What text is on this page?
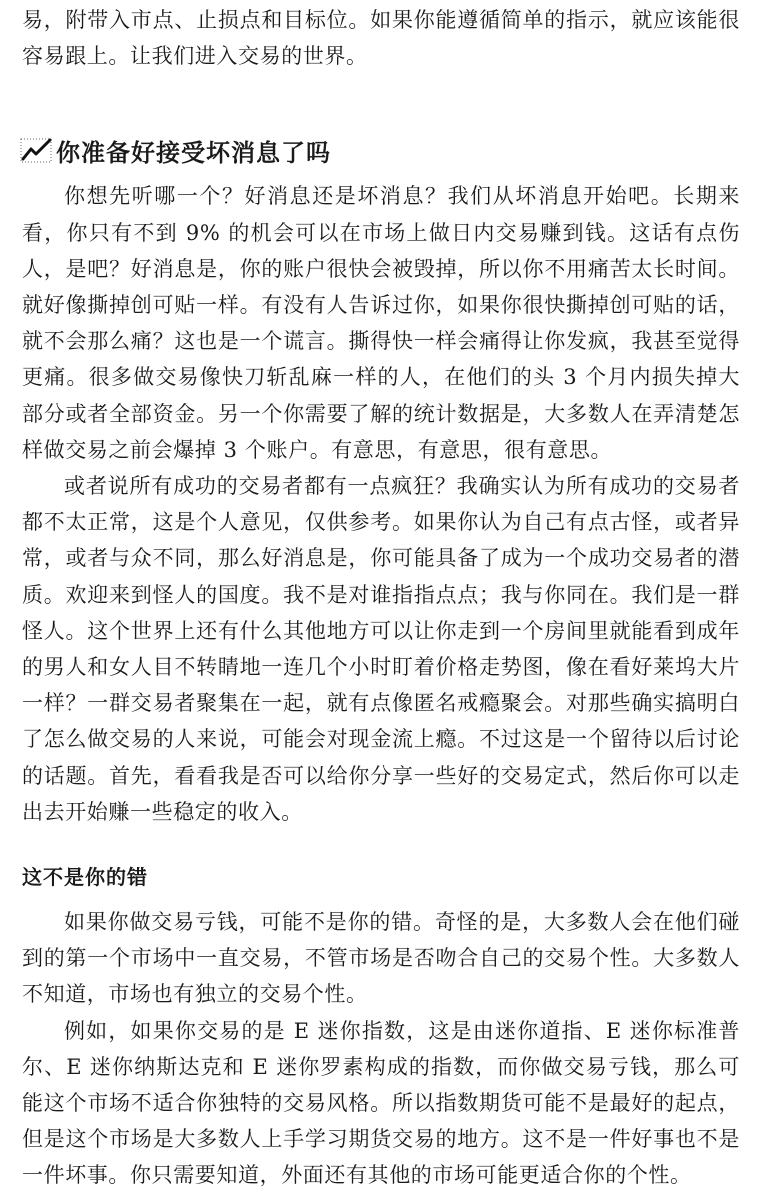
易，附带入市点、止损点和目标位。如果你能遵循简单的指示，就应该能很容易跟上。让我们进入交易的世界。

你准备好接受坏消息了吗

你想先听哪一个？好消息还是坏消息？我们从坏消息开始吧。长期来看，你只有不到 9% 的机会可以在市场上做日内交易赚到钱。这话有点伤人，是吧？好消息是，你的账户很快会被毁掉，所以你不用痛苦太长时间。就好像撕掉创可贴一样。有没有人告诉过你，如果你很快撕掉创可贴的话，就不会那么痛？这也是一个谎言。撕得快一样会痛得让你发疯，我甚至觉得更痛。很多做交易像快刀斩乱麻一样的人，在他们的头 3 个月内损失掉大部分或者全部资金。另一个你需要了解的统计数据是，大多数人在弄清楚怎样做交易之前会爆掉 3 个账户。有意思，有意思，很有意思。

或者说所有成功的交易者都有一点疯狂？我确实认为所有成功的交易者都不太正常，这是个人意见，仅供参考。如果你认为自己有点古怪，或者异常，或者与众不同，那么好消息是，你可能具备了成为一个成功交易者的潜质。欢迎来到怪人的国度。我不是对谁指指点点；我与你同在。我们是一群怪人。这个世界上还有什么其他地方可以让你走到一个房间里就能看到成年的男人和女人目不转睛地一连几个小时盯着价格走势图，像在看好莱坞大片一样？一群交易者聚集在一起，就有点像匿名戒瘾聚会。对那些确实搞明白了怎么做交易的人来说，可能会对现金流上瘾。不过这是一个留待以后讨论的话题。首先，看看我是否可以给你分享一些好的交易定式，然后你可以走出去开始赚一些稳定的收入。

这不是你的错

如果你做交易亏钱，可能不是你的错。奇怪的是，大多数人会在他们碰到的第一个市场中一直交易，不管市场是否吻合自己的交易个性。大多数人不知道，市场也有独立的交易个性。

例如，如果你交易的是 E 迷你指数，这是由迷你道指、E 迷你标准普尔、E 迷你纳斯达克和 E 迷你罗素构成的指数，而你做交易亏钱，那么可能这个市场不适合你独特的交易风格。所以指数期货可能不是最好的起点，但是这个市场是大多数人上手学习期货交易的地方。这不是一件好事也不是一件坏事。你只需要知道，外面还有其他的市场可能更适合你的个性。
